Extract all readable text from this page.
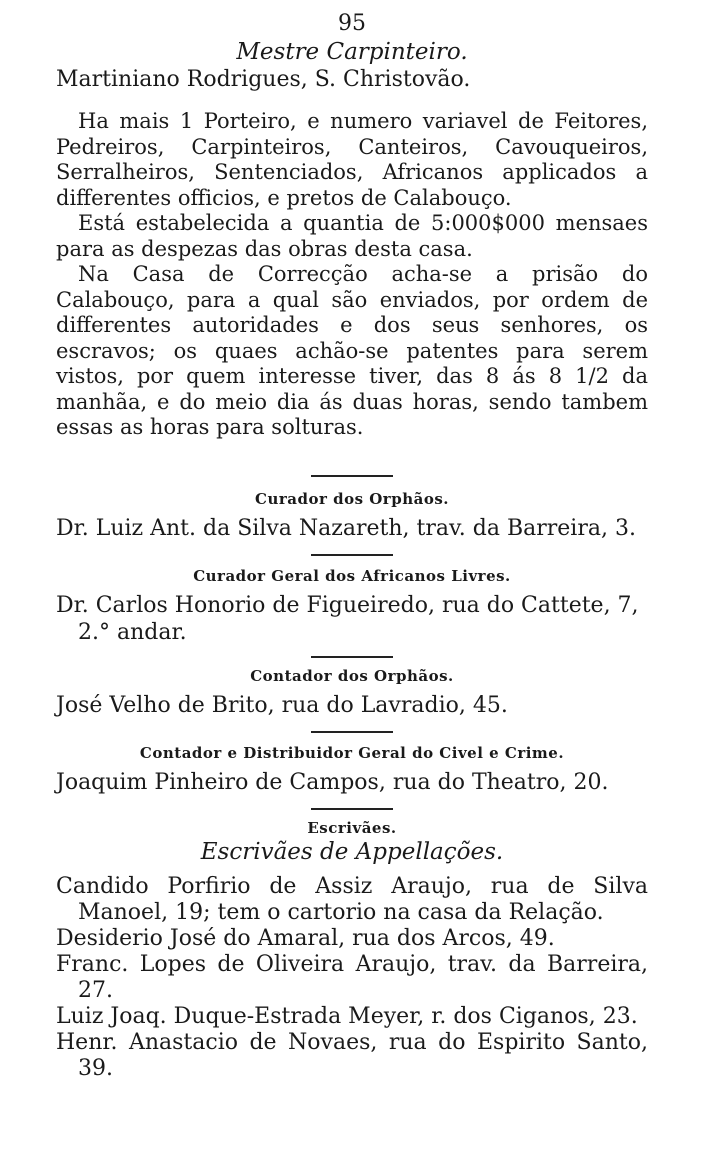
95

Mestre Carpinteiro.

Martiniano Rodrigues, S. Christovão.

Ha mais 1 Porteiro, e numero variavel de Feitores, Pedreiros, Carpinteiros, Canteiros, Cavouqueiros, Serralheiros, Sentenciados, Africanos applicados a differentes officios, e pretos de Calabouço.

Está estabelecida a quantia de 5:000$000 mensaes para as despezas das obras desta casa.

Na Casa de Correcção acha-se a prisão do Calabouço, para a qual são enviados, por ordem de differentes autoridades e dos seus senhores, os escravos; os quaes achão-se patentes para serem vistos, por quem interesse tiver, das 8 ás 8 1/2 da manhãa, e do meio dia ás duas horas, sendo tambem essas as horas para solturas.

Curador dos Orphãos.

Dr. Luiz Ant. da Silva Nazareth, trav. da Barreira, 3.

Curador Geral dos Africanos Livres.

Dr. Carlos Honorio de Figueiredo, rua do Cattete, 7, 2.° andar.

Contador dos Orphãos.

José Velho de Brito, rua do Lavradio, 45.

Contador e Distribuidor Geral do Civel e Crime.

Joaquim Pinheiro de Campos, rua do Theatro, 20.

Escrivães.

Escrivães de Appellações.

Candido Porfirio de Assiz Araujo, rua de Silva Manoel, 19; tem o cartorio na casa da Relação.

Desiderio José do Amaral, rua dos Arcos, 49.

Franc. Lopes de Oliveira Araujo, trav. da Barreira, 27.

Luiz Joaq. Duque-Estrada Meyer, r. dos Ciganos, 23.

Henr. Anastacio de Novaes, rua do Espirito Santo, 39.
